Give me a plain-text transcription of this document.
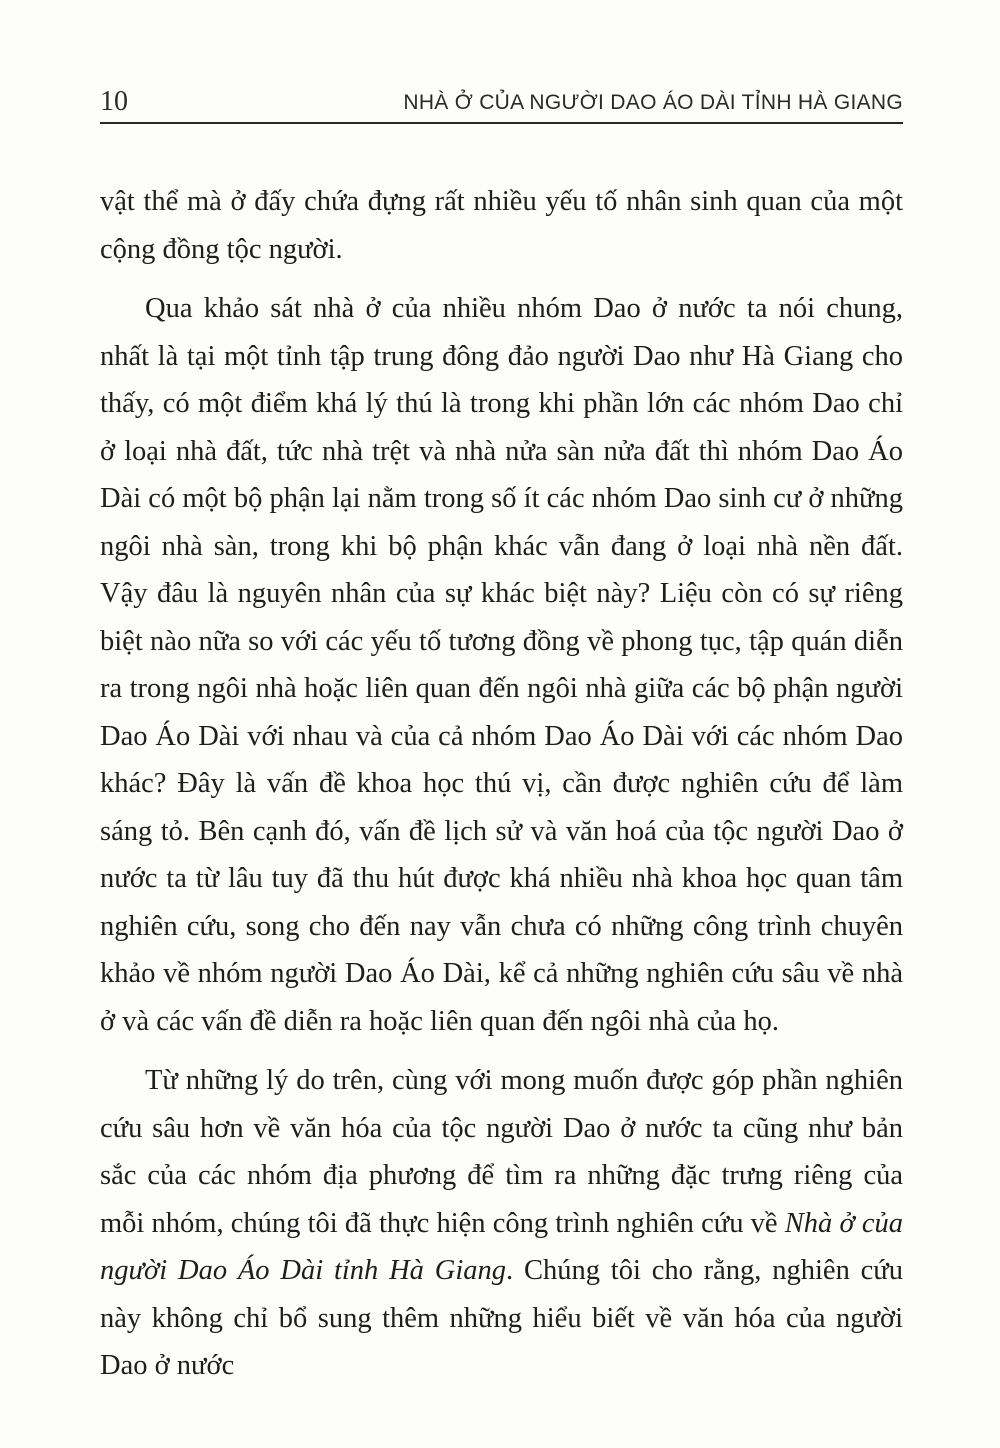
10	NHÀ Ở CỦA NGƯỜI DAO ÁO DÀI TỈNH HÀ GIANG

vật thể mà ở đấy chứa đựng rất nhiều yếu tố nhân sinh quan của một cộng đồng tộc người.

Qua khảo sát nhà ở của nhiều nhóm Dao ở nước ta nói chung, nhất là tại một tỉnh tập trung đông đảo người Dao như Hà Giang cho thấy, có một điểm khá lý thú là trong khi phần lớn các nhóm Dao chỉ ở loại nhà đất, tức nhà trệt và nhà nửa sàn nửa đất thì nhóm Dao Áo Dài có một bộ phận lại nằm trong số ít các nhóm Dao sinh cư ở những ngôi nhà sàn, trong khi bộ phận khác vẫn đang ở loại nhà nền đất. Vậy đâu là nguyên nhân của sự khác biệt này? Liệu còn có sự riêng biệt nào nữa so với các yếu tố tương đồng về phong tục, tập quán diễn ra trong ngôi nhà hoặc liên quan đến ngôi nhà giữa các bộ phận người Dao Áo Dài với nhau và của cả nhóm Dao Áo Dài với các nhóm Dao khác? Đây là vấn đề khoa học thú vị, cần được nghiên cứu để làm sáng tỏ. Bên cạnh đó, vấn đề lịch sử và văn hoá của tộc người Dao ở nước ta từ lâu tuy đã thu hút được khá nhiều nhà khoa học quan tâm nghiên cứu, song cho đến nay vẫn chưa có những công trình chuyên khảo về nhóm người Dao Áo Dài, kể cả những nghiên cứu sâu về nhà ở và các vấn đề diễn ra hoặc liên quan đến ngôi nhà của họ.

Từ những lý do trên, cùng với mong muốn được góp phần nghiên cứu sâu hơn về văn hóa của tộc người Dao ở nước ta cũng như bản sắc của các nhóm địa phương để tìm ra những đặc trưng riêng của mỗi nhóm, chúng tôi đã thực hiện công trình nghiên cứu về Nhà ở của người Dao Áo Dài tỉnh Hà Giang. Chúng tôi cho rằng, nghiên cứu này không chỉ bổ sung thêm những hiểu biết về văn hóa của người Dao ở nước
